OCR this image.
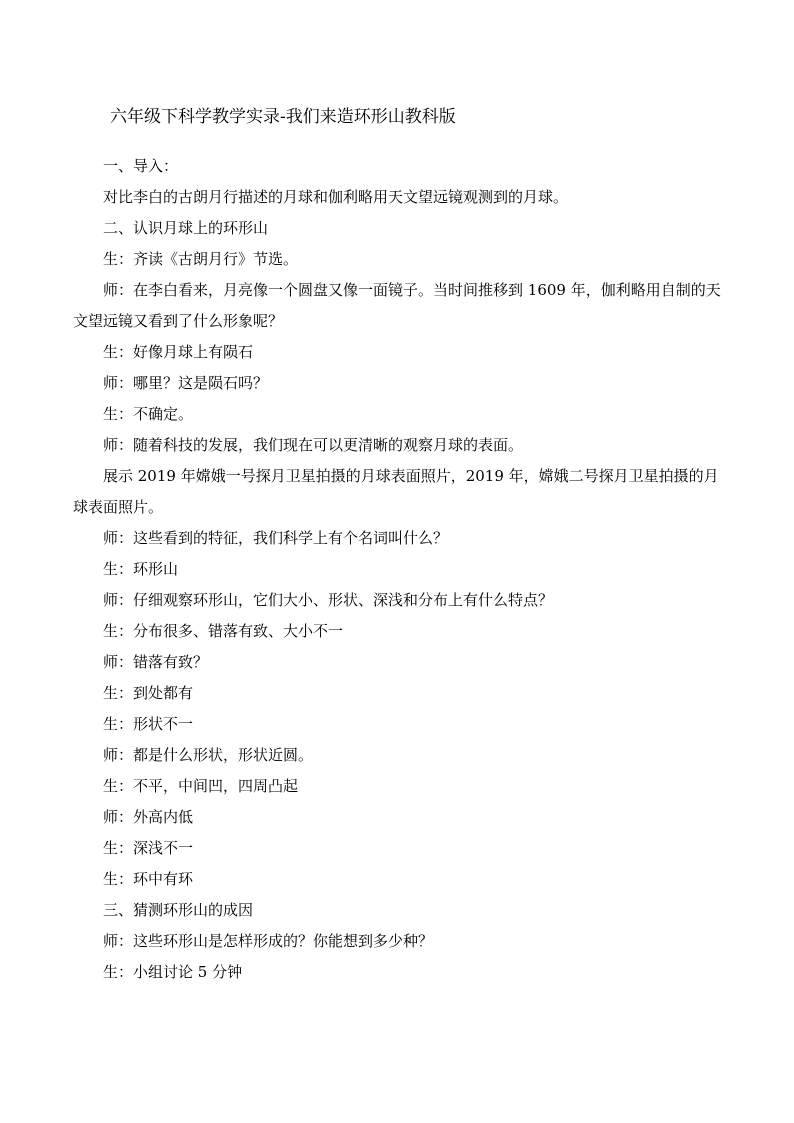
六年级下科学教学实录-我们来造环形山教科版

一、导入：

对比李白的古朗月行描述的月球和伽利略用天文望远镜观测到的月球。

二、认识月球上的环形山

生：齐读《古朗月行》节选。

师：在李白看来，月亮像一个圆盘又像一面镜子。当时间推移到 1609 年，伽利略用自制的天文望远镜又看到了什么形象呢？

生：好像月球上有陨石

师：哪里？这是陨石吗？

生：不确定。

师：随着科技的发展，我们现在可以更清晰的观察月球的表面。

展示 2019 年嫦娥一号探月卫星拍摄的月球表面照片，2019 年，嫦娥二号探月卫星拍摄的月球表面照片。

师：这些看到的特征，我们科学上有个名词叫什么？

生：环形山

师：仔细观察环形山，它们大小、形状、深浅和分布上有什么特点？

生：分布很多、错落有致、大小不一

师：错落有致？

生：到处都有

生：形状不一

师：都是什么形状，形状近圆。

生：不平，中间凹，四周凸起

师：外高内低

生：深浅不一

生：环中有环

三、猜测环形山的成因

师：这些环形山是怎样形成的？你能想到多少种？

生：小组讨论 5 分钟
